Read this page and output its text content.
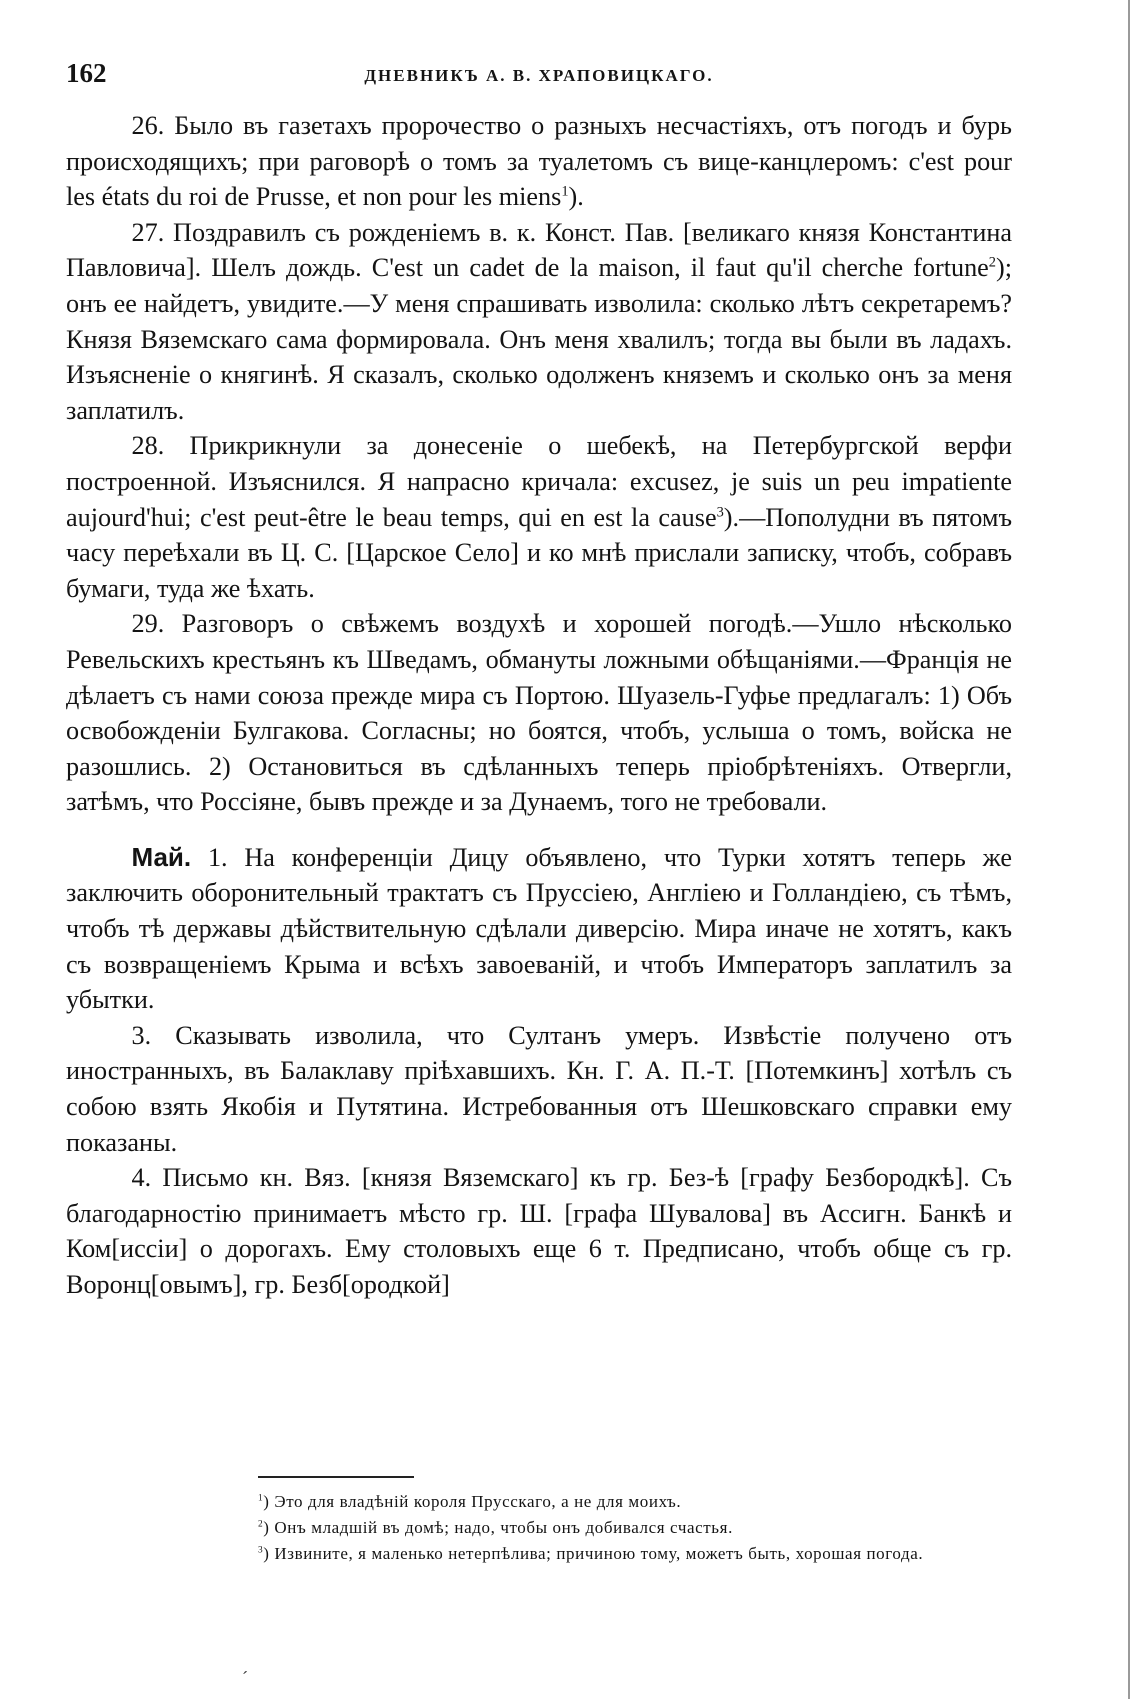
162	ДНЕВНИКЪ А. В. ХРАПОВИЦКАГО.

26. Было въ газетахъ пророчество о разныхъ несчастіяхъ, отъ погодъ и бурь происходящихъ; при раговорѣ о томъ за туалетомъ съ вице-канцлеромъ: c'est pour les états du roi de Prusse, et non pour les miens$^1$).

27. Поздравилъ съ рожденіемъ в. к. Конст. Пав. [великаго князя Константина Павловича]. Шелъ дождь. C'est un cadet de la maison, il faut qu'il cherche fortune$^2$); онъ ее найдетъ, увидите.—У меня спрашивать изволила: сколько лѣтъ секретаремъ? Князя Вяземскаго сама формировала. Онъ меня хвалилъ; тогда вы были въ ладахъ. Изъясненіе о княгинѣ. Я сказалъ, сколько одолженъ княземъ и сколько онъ за меня заплатилъ.

28. Прикрикнули за донесеніе о шебекѣ, на Петербургской верфи построенной. Изъяснился. Я напрасно кричала: excusez, je suis un peu impatiente aujourd'hui; c'est peut-être le beau temps, qui en est la cause$^3$).—Пополудни въ пятомъ часу переѣхали въ Ц. С. [Царское Село] и ко мнѣ прислали записку, чтобъ, собравъ бумаги, туда же ѣхать.

29. Разговоръ о свѣжемъ воздухѣ и хорошей погодѣ.—Ушло нѣсколько Ревельскихъ крестьянъ къ Шведамъ, обмануты ложными обѣщаніями.—Францiя не дѣлаетъ съ нами союза прежде мира съ Портою. Шуазель-Гуфье предлагалъ: 1) Объ освобожденіи Булгакова. Согласны; но боятся, чтобъ, услыша о томъ, войска не разошлись. 2) Остановиться въ сдѣланныхъ теперь пріобрѣтеніяхъ. Отвергли, затѣмъ, что Россіяне, бывъ прежде и за Дунаемъ, того не требовали.

Май. 1. На конференціи Дицу объявлено, что Турки хотятъ теперь же заключить оборонительный трактатъ съ Пруссіею, Англіею и Голландіею, съ тѣмъ, чтобъ тѣ державы дѣйствительную сдѣлали диверсію. Мира иначе не хотятъ, какъ съ возвращеніемъ Крыма и всѣхъ завоеваній, и чтобъ Императоръ заплатилъ за убытки.

3. Сказывать изволила, что Султанъ умеръ. Извѣстіе получено отъ иностранныхъ, въ Балаклаву пріѣхавшихъ. Кн. Г. А. П.-Т. [Потемкинъ] хотѣлъ съ собою взять Якобія и Путятина. Истребованныя отъ Шешковскаго справки ему показаны.

4. Письмо кн. Вяз. [князя Вяземскаго] къ гр. Без-ѣ [графу Безбородкѣ]. Съ благодарностію принимаетъ мѣсто гр. Ш. [графа Шувалова] въ Ассигн. Банкѣ и Ком[иссіи] о дорогахъ. Ему столовыхъ еще 6 т. Предписано, чтобъ обще съ гр. Воронц[овымъ], гр. Безб[ородкой]

$^1$) Это для владѣній короля Прусскаго, а не для моихъ.

$^2$) Онъ младшій въ домѣ; надо, чтобы онъ добивался счастья.

$^3$) Извините, я маленько нетерпѣлива; причиною тому, можетъ быть, хорошая погода.

ˊ
